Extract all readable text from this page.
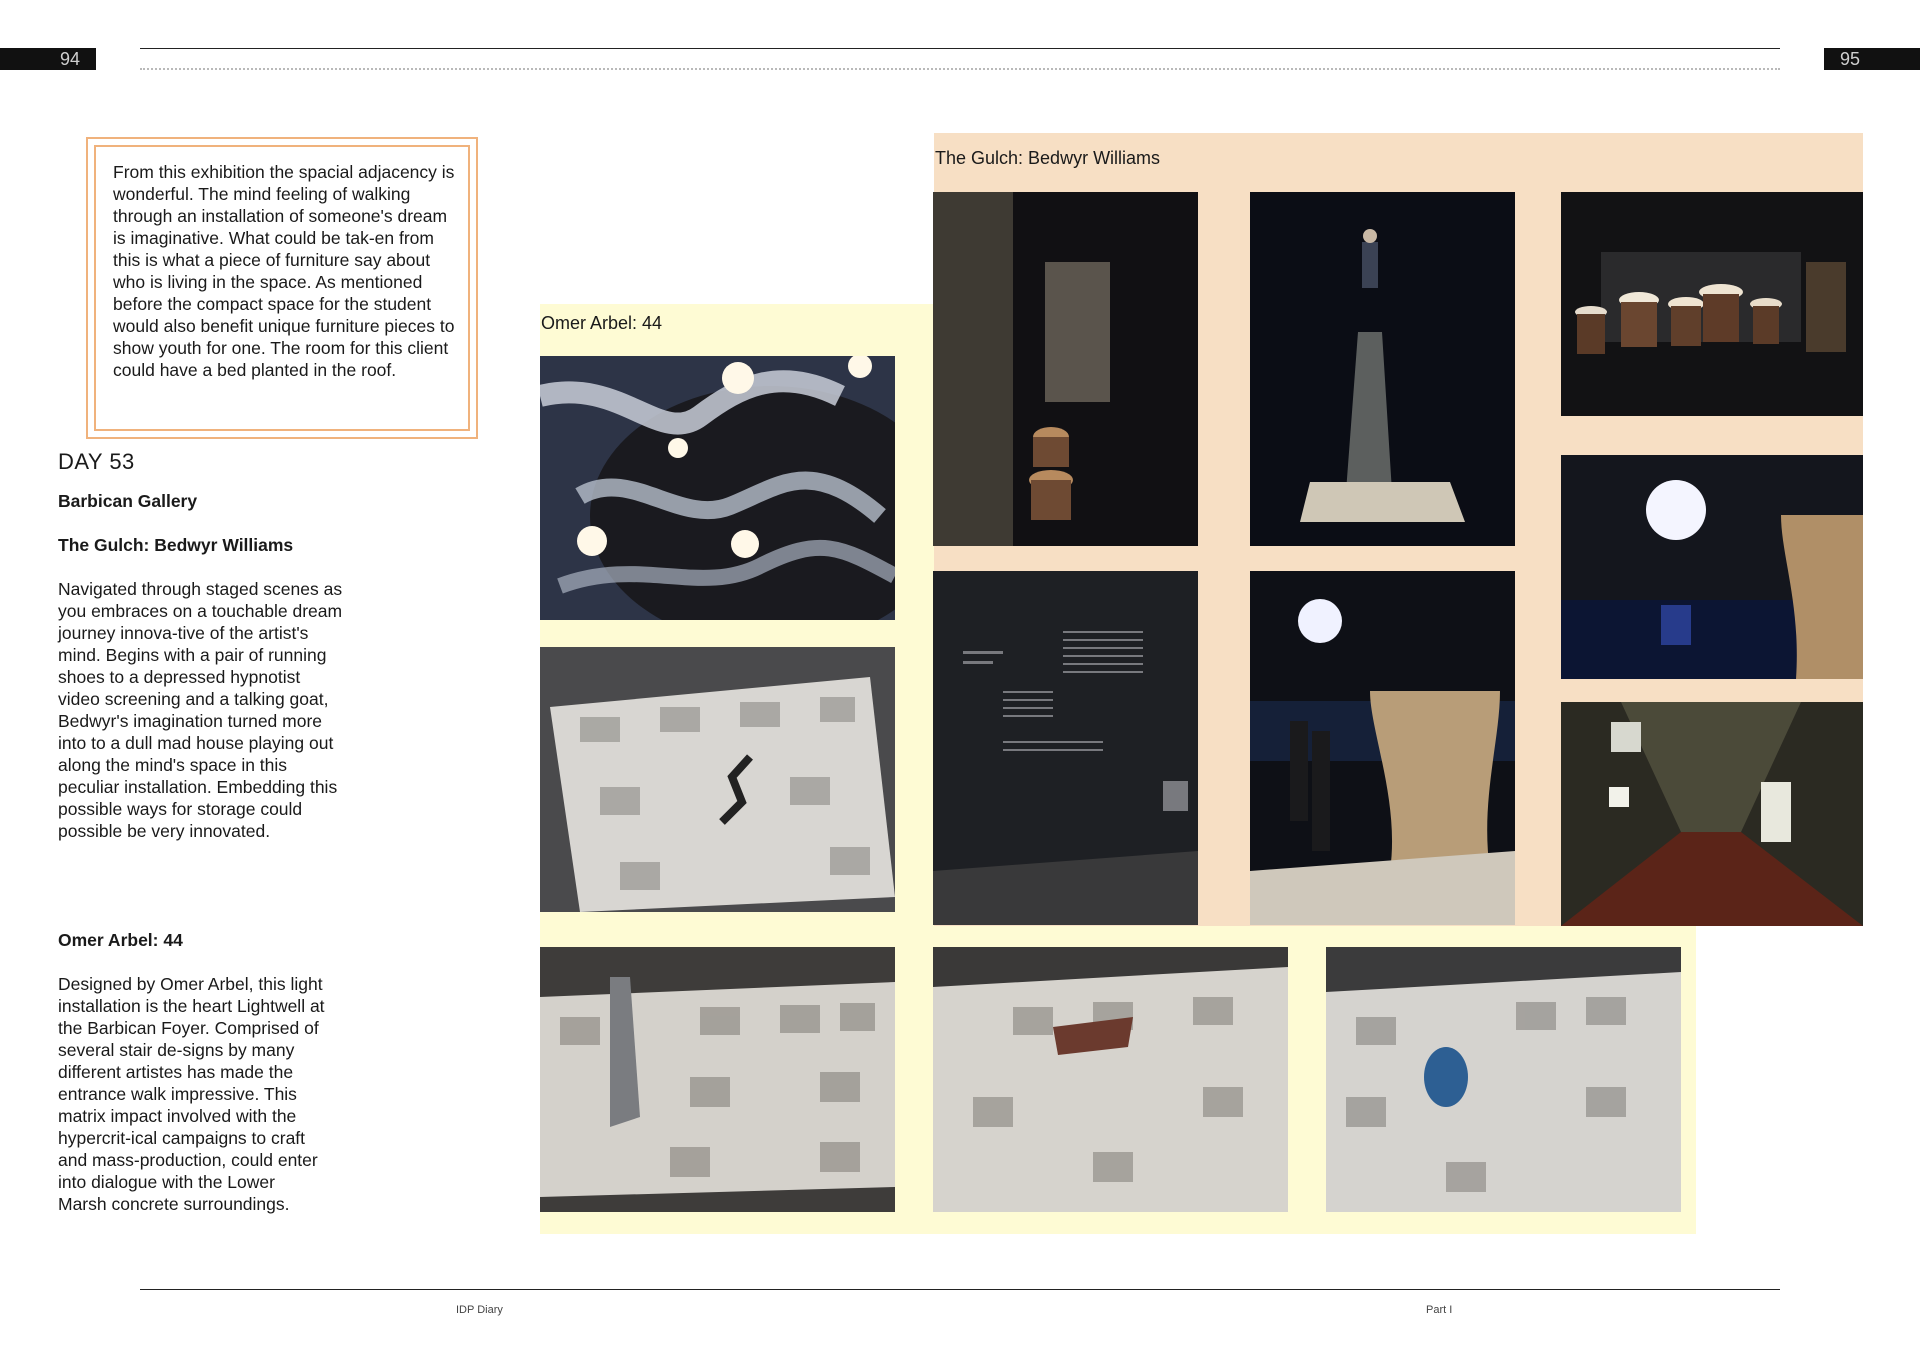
94	95
From this exhibition the spacial adjacency is wonderful. The mind feeling of walking through an installation of someone's dream is imaginative. What could be tak-en from this is what a piece of furniture say about who is living in the space. As mentioned before the compact space for the student would also benefit unique furniture pieces to show youth for one. The room for this client could have a bed planted in the roof.
DAY 53
Barbican Gallery
The Gulch: Bedwyr Williams
Navigated through staged scenes as you embraces on a touchable dream journey innova-tive of the artist's mind. Begins with a pair of running shoes to a depressed hypnotist video screening and a talking goat, Bedwyr's imagination turned more into to a dull mad house playing out along the mind's space in this peculiar installation. Embedding this possible ways for storage could possible be very innovated.
Omer Arbel: 44
Designed by Omer Arbel, this light installation is the heart Lightwell at the Barbican Foyer. Comprised of several stair de-signs by many different artistes has made the entrance walk impressive. This matrix impact involved with the hypercrit-ical campaigns to craft and mass-production, could enter into dialogue with the Lower Marsh concrete surroundings.
Omer Arbel: 44
The Gulch: Bedwyr Williams
IDP Diary	Part I
